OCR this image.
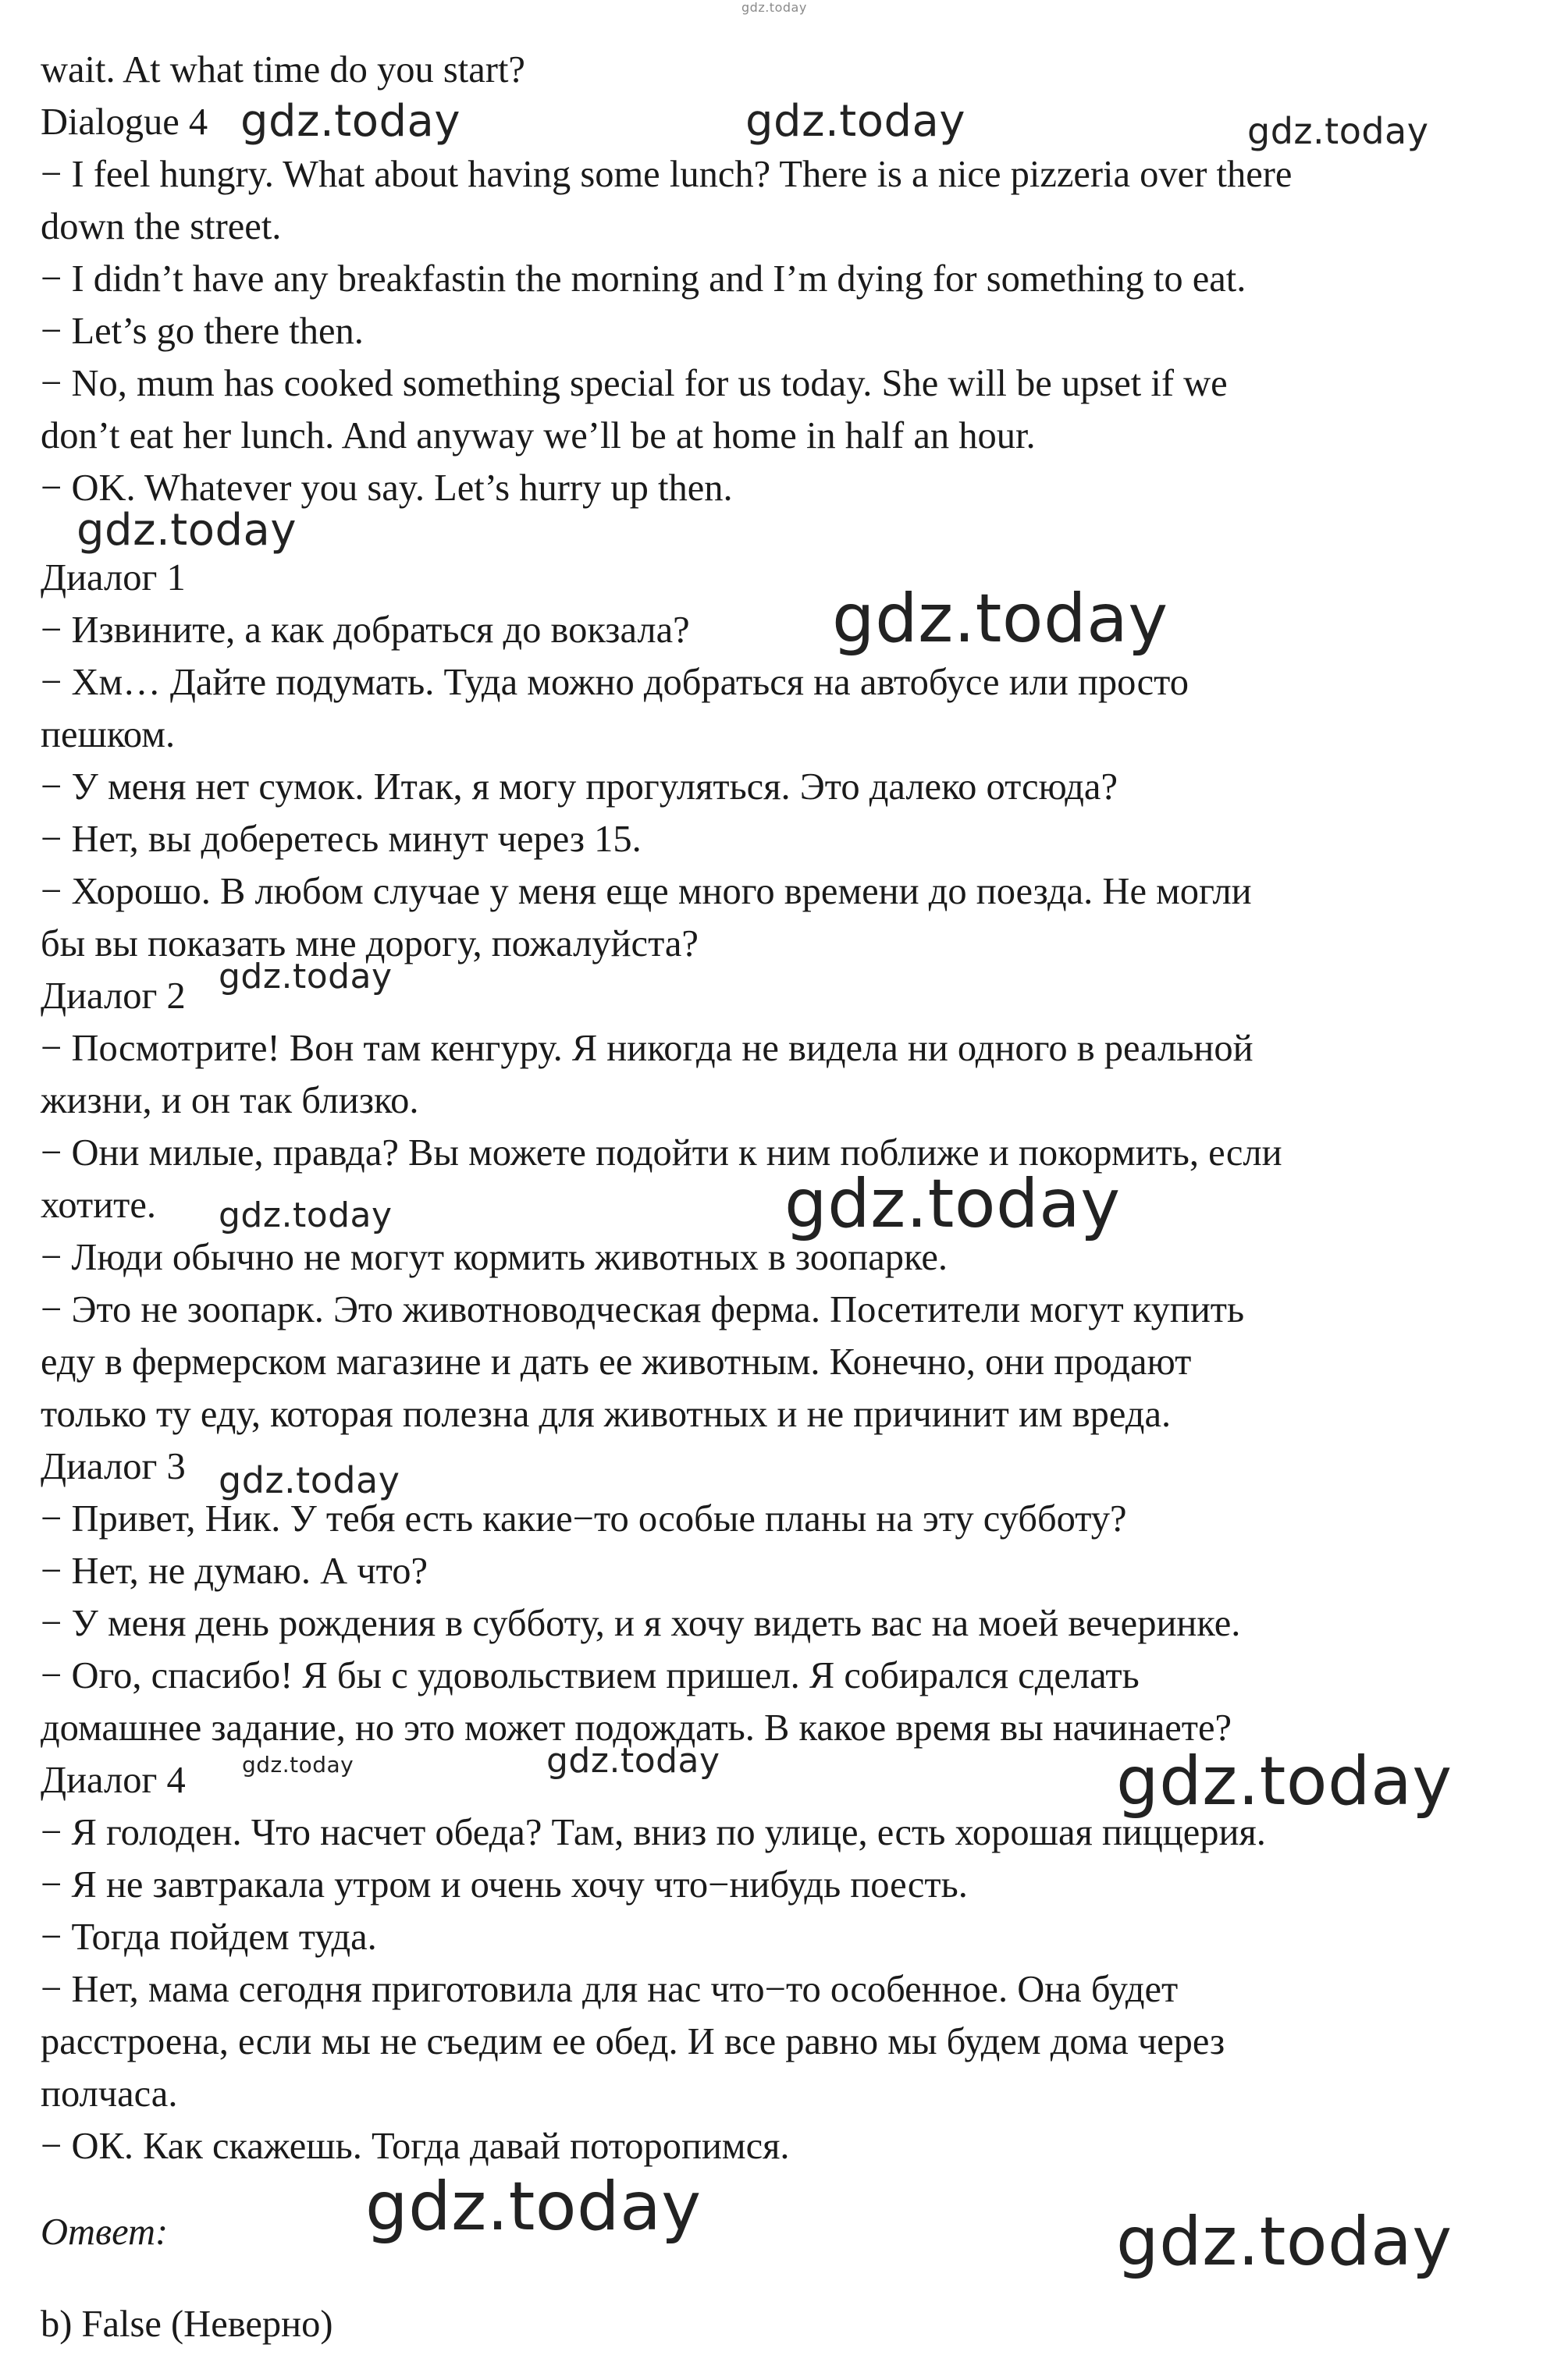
wait. At what time do you start?
Dialogue 4
− I feel hungry. What about having some lunch? There is a nice pizzeria over there
down the street.
− I didn’t have any breakfastin the morning and I’m dying for something to eat.
− Let’s go there then.
− No, mum has cooked something special for us today. She will be upset if we
don’t eat her lunch. And anyway we’ll be at home in half an hour.
− OK. Whatever you say. Let’s hurry up then.
Диалог 1
− Извините, а как добраться до вокзала?
− Хм… Дайте подумать. Туда можно добраться на автобусе или просто
пешком.
− У меня нет сумок. Итак, я могу прогуляться. Это далеко отсюда?
− Нет, вы доберетесь минут через 15.
− Хорошо. В любом случае у меня еще много времени до поезда. Не могли
бы вы показать мне дорогу, пожалуйста?
Диалог 2
− Посмотрите! Вон там кенгуру. Я никогда не видела ни одного в реальной
жизни, и он так близко.
− Они милые, правда? Вы можете подойти к ним поближе и покормить, если
хотите.
− Люди обычно не могут кормить животных в зоопарке.
− Это не зоопарк. Это животноводческая ферма. Посетители могут купить
еду в фермерском магазине и дать ее животным. Конечно, они продают
только ту еду, которая полезна для животных и не причинит им вреда.
Диалог 3
− Привет, Ник. У тебя есть какие−то особые планы на эту субботу?
− Нет, не думаю. А что?
− У меня день рождения в субботу, и я хочу видеть вас на моей вечеринке.
− Ого, спасибо! Я бы с удовольствием пришел. Я собирался сделать
домашнее задание, но это может подождать. В какое время вы начинаете?
Диалог 4
− Я голоден. Что насчет обеда? Там, вниз по улице, есть хорошая пиццерия.
− Я не завтракала утром и очень хочу что−нибудь поесть.
− Тогда пойдем туда.
− Нет, мама сегодня приготовила для нас что−то особенное. Она будет
расстроена, если мы не съедим ее обед. И все равно мы будем дома через
полчаса.
− ОК. Как скажешь. Тогда давай поторопимся.
Ответ:
b) False (Неверно)
gdz.today
gdz.today	gdz.today	gdz.today
gdz.today
gdz.today
gdz.today
gdz.today	gdz.today
gdz.today
gdz.today	gdz.today	gdz.today
gdz.today	gdz.today
